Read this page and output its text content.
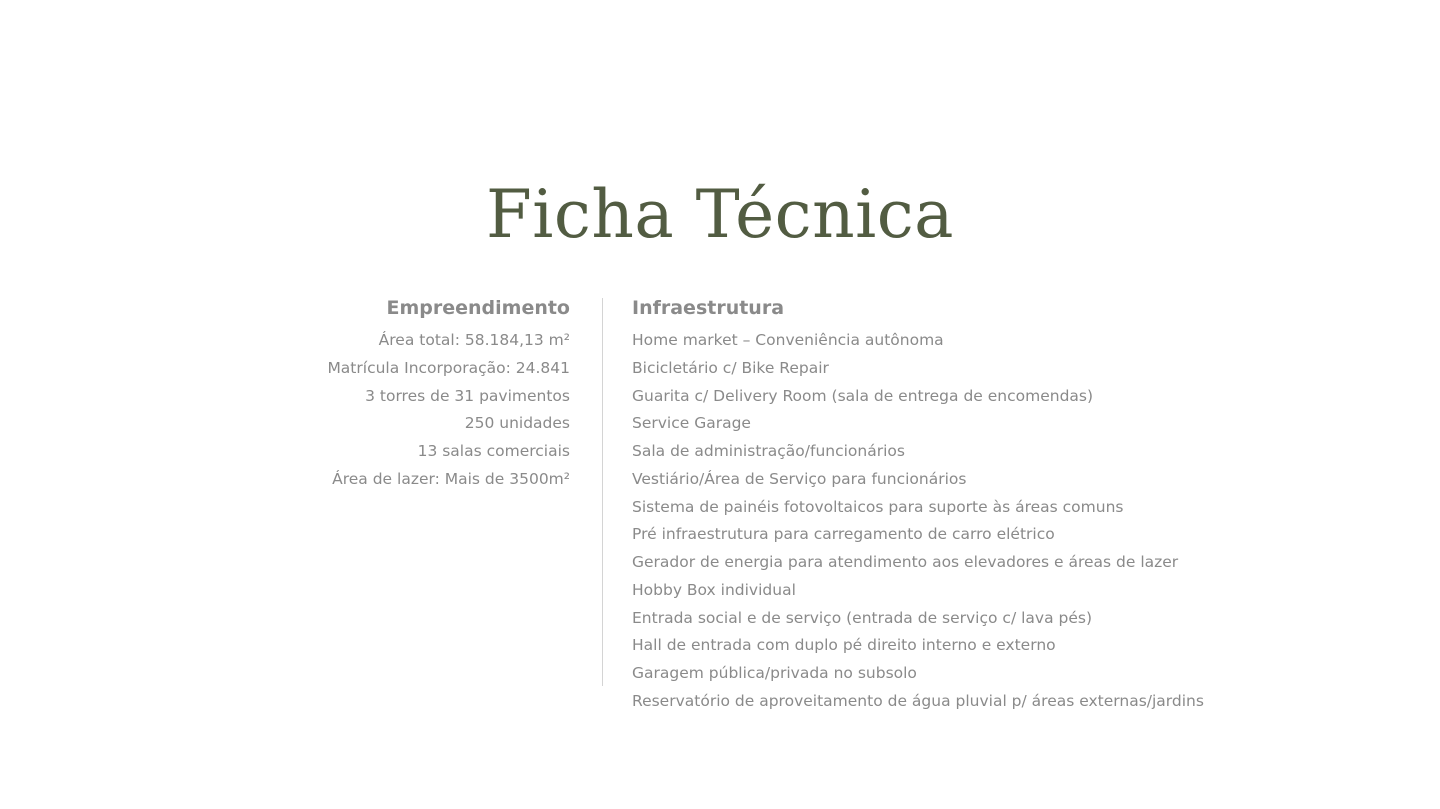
Ficha Técnica
Empreendimento
Área total: 58.184,13 m²
Matrícula Incorporação: 24.841
3 torres de 31 pavimentos
250 unidades
13 salas comerciais
Área de lazer: Mais de 3500m²
Infraestrutura
Home market – Conveniência autônoma
Bicicletário c/ Bike Repair
Guarita c/ Delivery Room (sala de entrega de encomendas)
Service Garage
Sala de administração/funcionários
Vestiário/Área de Serviço para funcionários
Sistema de painéis fotovoltaicos para suporte às áreas comuns
Pré infraestrutura para carregamento de carro elétrico
Gerador de energia para atendimento aos elevadores e áreas de lazer
Hobby Box individual
Entrada social e de serviço (entrada de serviço c/ lava pés)
Hall de entrada com duplo pé direito interno e externo
Garagem pública/privada no subsolo
Reservatório de aproveitamento de água pluvial p/ áreas externas/jardins
